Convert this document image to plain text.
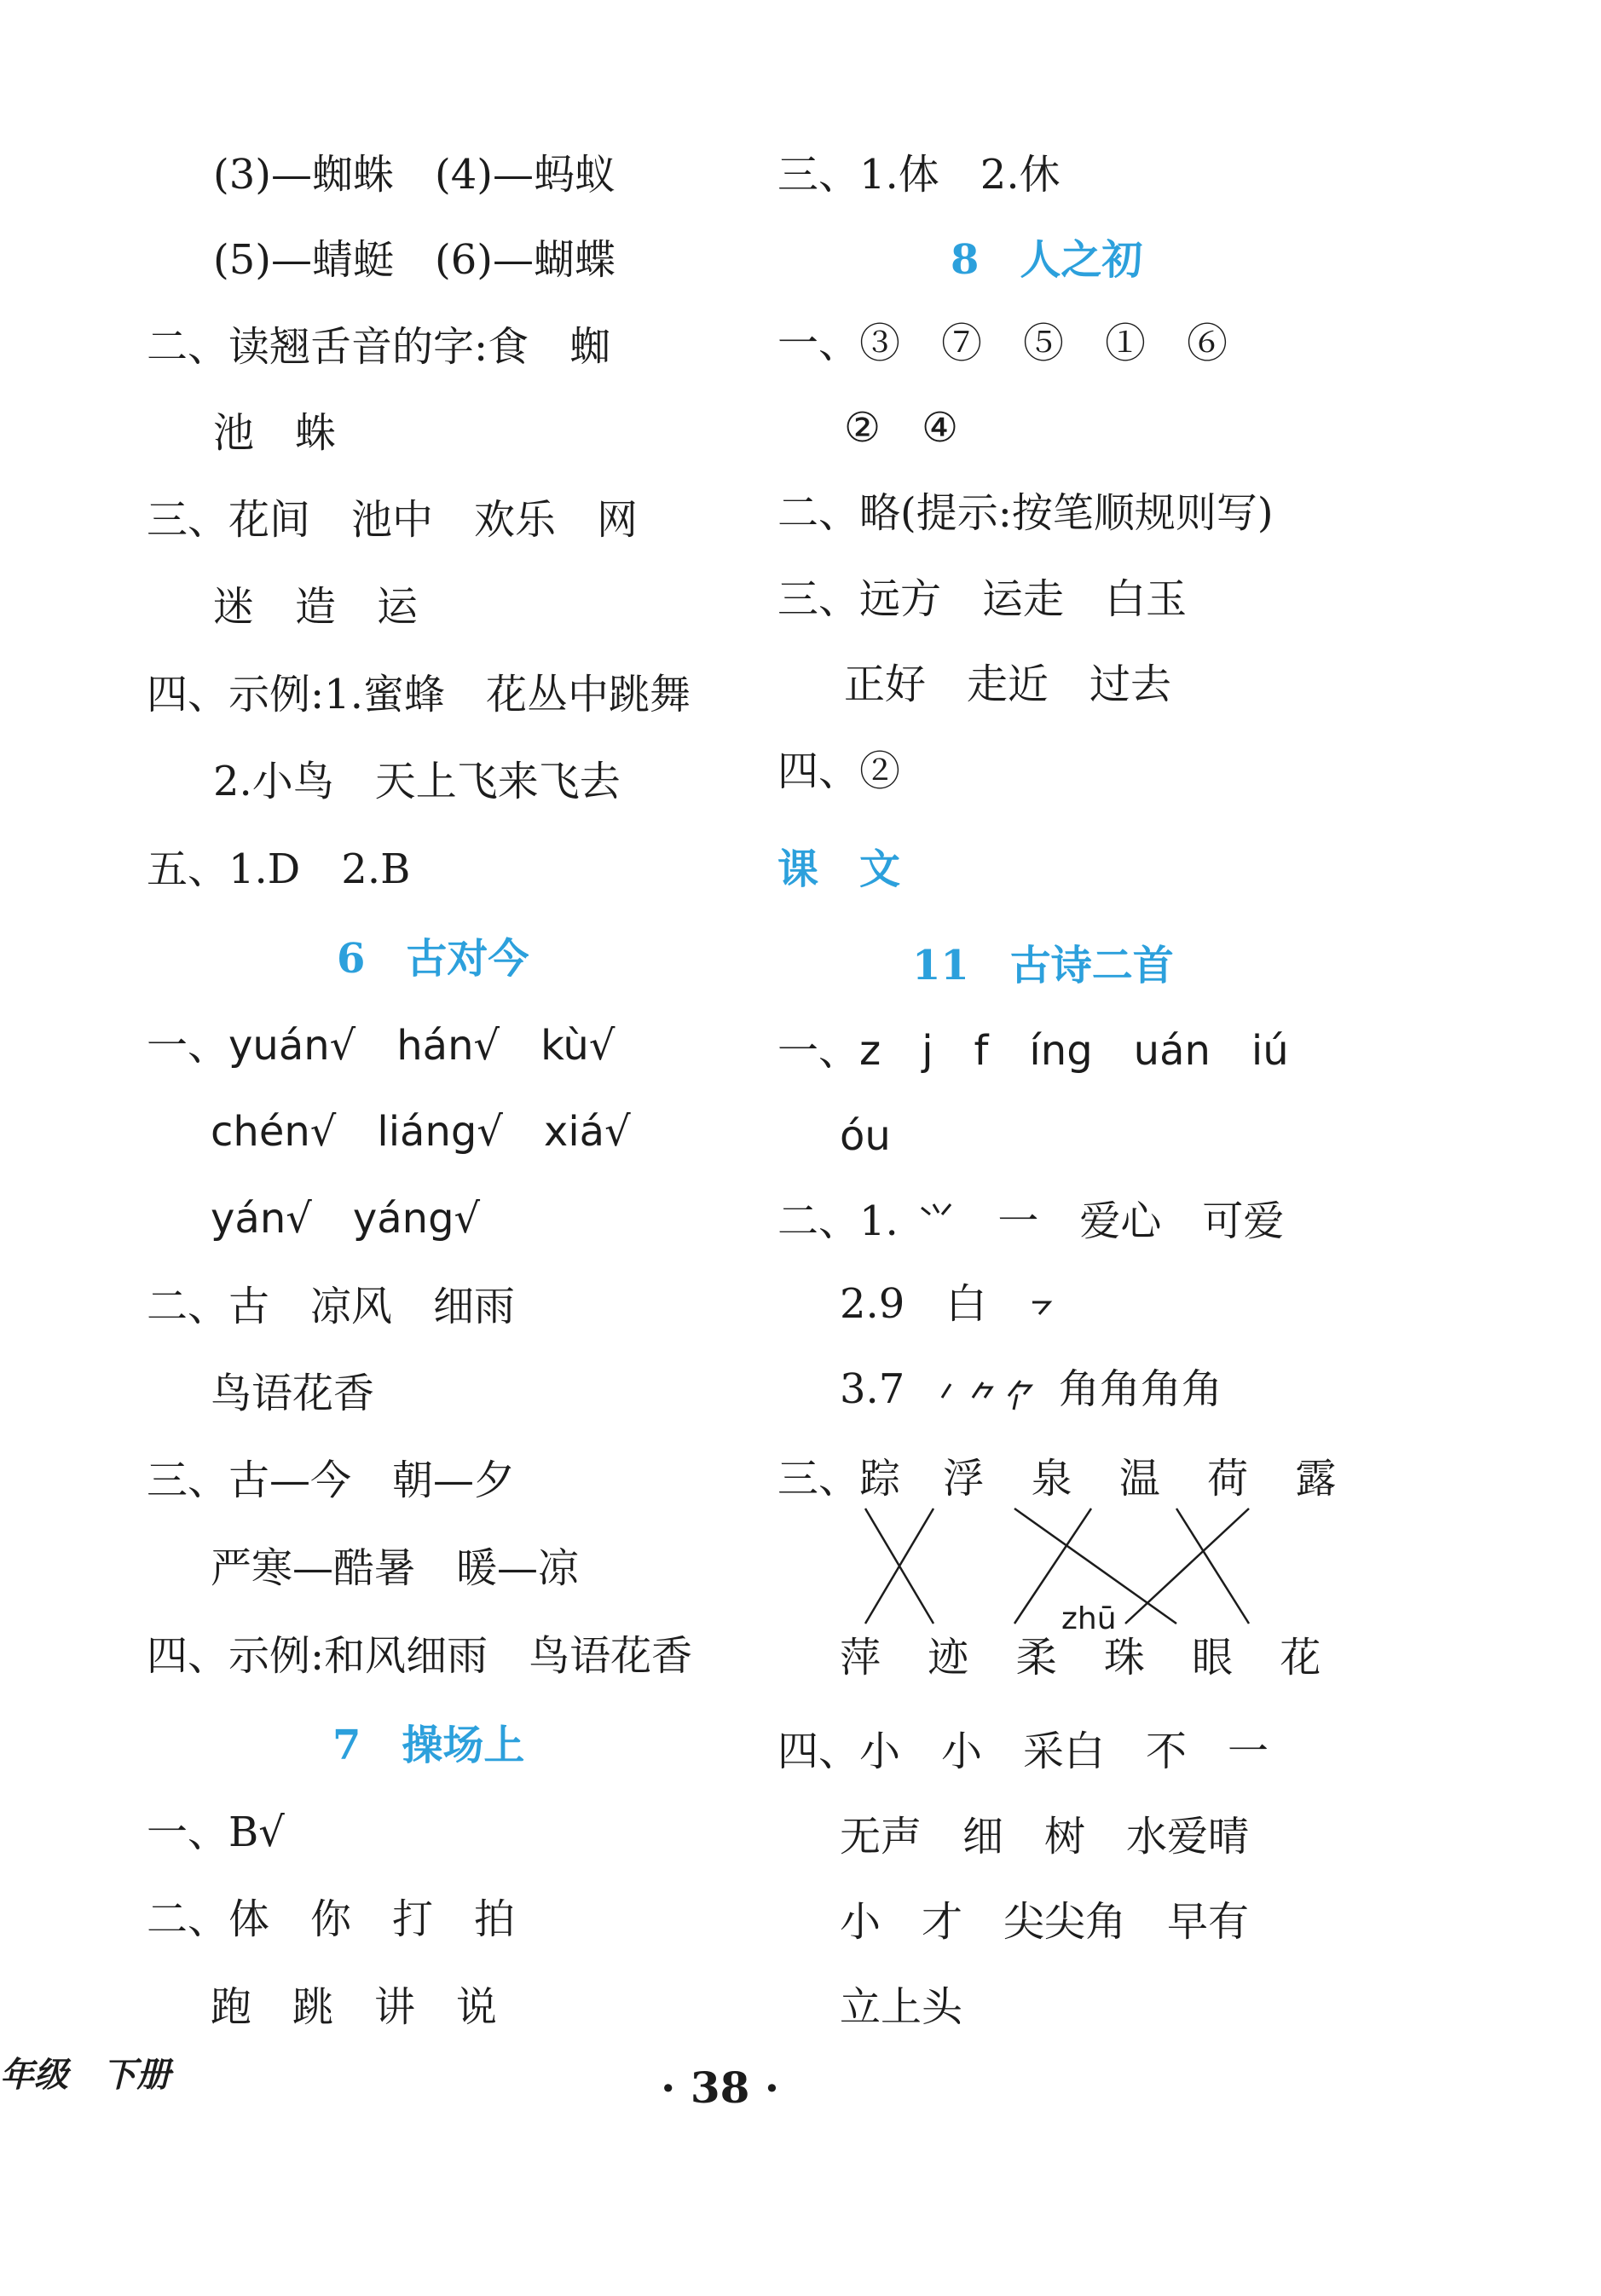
(3)—蜘蛛　(4)—蚂蚁
(5)—蜻蜓　(6)—蝴蝶
二、读翘舌音的字:食　蜘
池　蛛
三、花间　池中　欢乐　网
迷　造　运
四、示例:1.蜜蜂　花丛中跳舞
2.小鸟　天上飞来飞去
五、1.D　2.B
6　古对今
一、yuán√　hán√　kù√
chén√　liáng√　xiá√
yán√　yáng√
二、古　凉风　细雨
鸟语花香
三、古—今　朝—夕
严寒—酷暑　暖—凉
四、示例:和风细雨　鸟语花香
7　操场上
一、B√
二、体　你　打　拍
跑　跳　讲　说
三、1.体　2.休
8　人之初
一、③　⑦　⑤　①　⑥
②　④
二、略(提示:按笔顺规则写)
三、远方　运走　白玉
正好　走近　过去
四、②
课　文
11　古诗二首
一、z　j　f　íng　uán　iú
óu
二、1. 一　爱心　可爱
2.9　白
3.7	角角角角
三、踪 浮 泉 温 荷 露
zhū
萍 迹 柔 珠 眼 花
四、小　小　采白　不　一
无声　细　树　水爱晴
小　才　尖尖角　早有
立上头
年级　下册	· 38 ·
